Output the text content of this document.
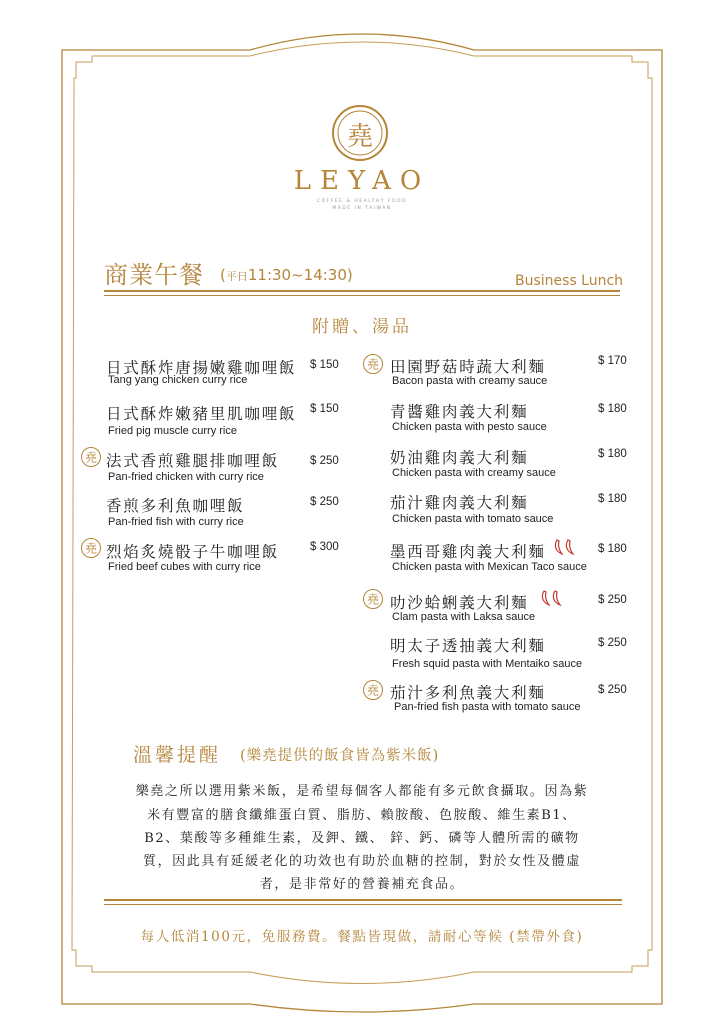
堯
LEYAO
COFFEE & HEALTHY FOOD
MADE IN TAIWAN
商業午餐 (平日11:30~14:30)	Business Lunch
附贈、湯品
日式酥炸唐揚嫩雞咖哩飯 $ 150
Tang yang chicken curry rice
日式酥炸嫩豬里肌咖哩飯 $ 150
Fried pig muscle curry rice
堯 法式香煎雞腿排咖哩飯	$ 250
Pan-fried chicken with curry rice
香煎多利魚咖哩飯	$ 250
Pan-fried fish with curry rice
堯 烈焰炙燒骰子牛咖哩飯	$ 300
Fried beef cubes with curry rice
堯 田園野菇時蔬大利麵	$ 170
Bacon pasta with creamy sauce
青醬雞肉義大利麵	$ 180
Chicken pasta with pesto sauce
奶油雞肉義大利麵	$ 180
Chicken pasta with creamy sauce
茄汁雞肉義大利麵	$ 180
Chicken pasta with tomato sauce
墨西哥雞肉義大利麵	$ 180
Chicken pasta with Mexican Taco sauce
堯 叻沙蛤蜊義大利麵	$ 250
Clam pasta with Laksa sauce
明太子透抽義大利麵	$ 250
Fresh squid pasta with Mentaiko sauce
堯 茄汁多利魚義大利麵	$ 250
Pan-fried fish pasta with tomato sauce
溫馨提醒 (樂堯提供的飯食皆為紫米飯)
樂堯之所以選用紫米飯，是希望每個客人都能有多元飲食攝取。因為紫
米有豐富的膳食纖維蛋白質、脂肪、賴胺酸、色胺酸、維生素B1、
B2、葉酸等多種維生素，及鉀、鐵、 鋅、鈣、磷等人體所需的礦物
質，因此具有延緩老化的功效也有助於血糖的控制，對於女性及體虛
者，是非常好的營養補充食品。
每人低消100元，免服務費。餐點皆現做，請耐心等候 (禁帶外食)
